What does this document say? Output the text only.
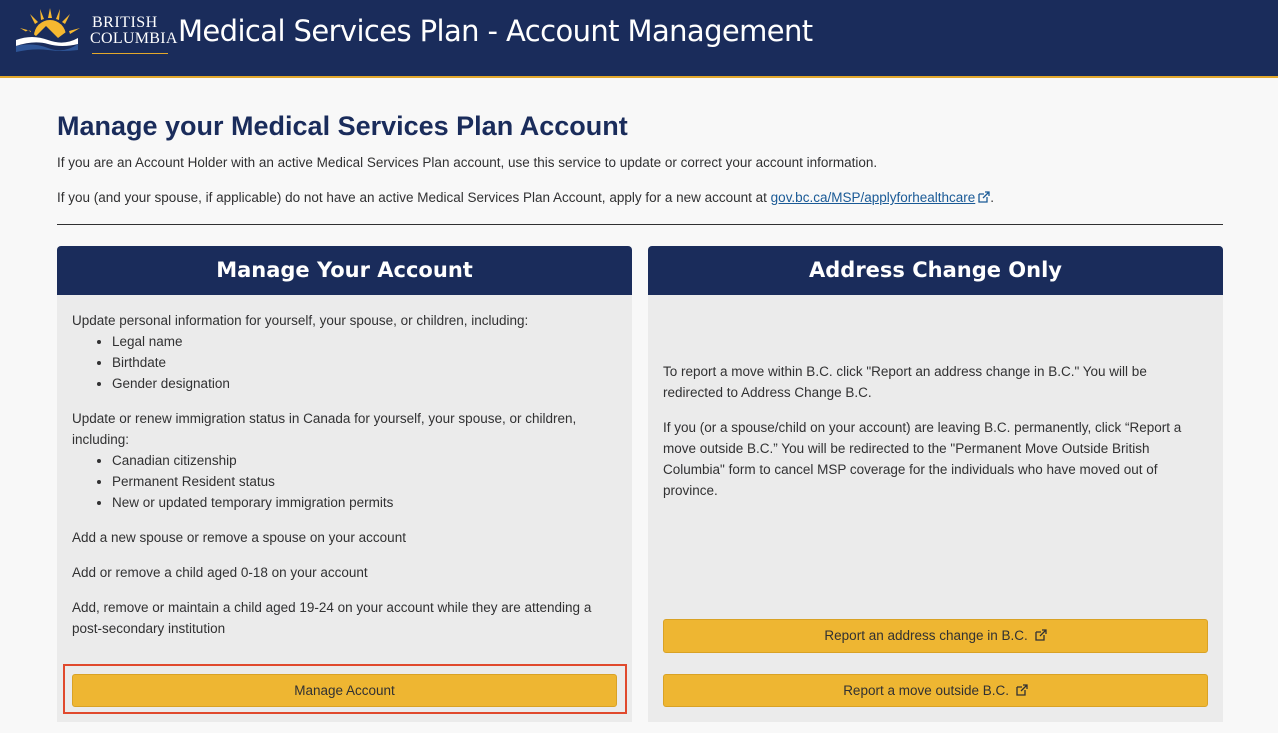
BRITISH
COLUMBIA Medical Services Plan - Account Management
Manage your Medical Services Plan Account
If you are an Account Holder with an active Medical Services Plan account, use this service to update or correct your account information.
If you (and your spouse, if applicable) do not have an active Medical Services Plan Account, apply for a new account at gov.bc.ca/MSP/applyforhealthcare .
Manage Your Account

Update personal information for yourself, your spouse, or children, including:

• Legal name
• Birthdate
• Gender designation

Update or renew immigration status in Canada for yourself, your spouse, or children, including:

• Canadian citizenship
• Permanent Resident status
• New or updated temporary immigration permits

Add a new spouse or remove a spouse on your account

Add or remove a child aged 0-18 on your account

Add, remove or maintain a child aged 19-24 on your account while they are attending a post-secondary institution

Address Change Only

To report a move within B.C. click "Report an address change in B.C." You will be redirected to Address Change B.C.

If you (or a spouse/child on your account) are leaving B.C. permanently, click “Report a move outside B.C.” You will be redirected to the "Permanent Move Outside British Columbia" form to cancel MSP coverage for the individuals who have moved out of province.

Manage Account
Report an address change in B.C.
Report a move outside B.C.
